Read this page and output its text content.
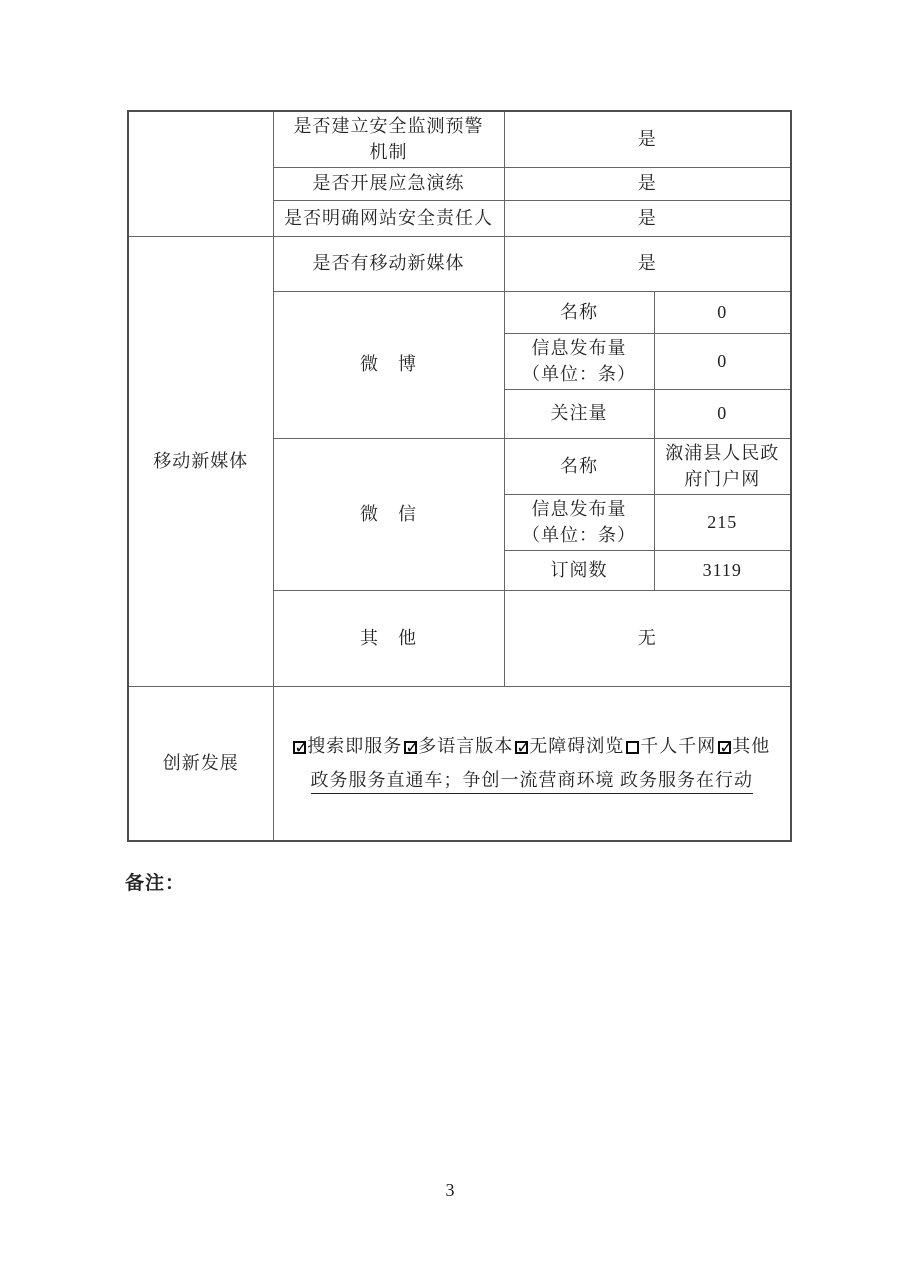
	是否建立安全监测预警
机制	是	
	是否开展应急演练	是	
	是否明确网站安全责任人	是	
移动新媒体	是否有移动新媒体	是	
	微　博	名称	0
		信息发布量
（单位：条）	0
		关注量	0
	微　信	名称	溆浦县人民政
府门户网
		信息发布量
（单位：条）	215
		订阅数	3119
	其　他	无	
创新发展	
✓搜索即服务 ✓ 多语言版本 ✓ 无障碍浏览 千人千网 ✓ 其他
政务服务直通车；争创一流营商环境 政务服务在行动
备注：
3
